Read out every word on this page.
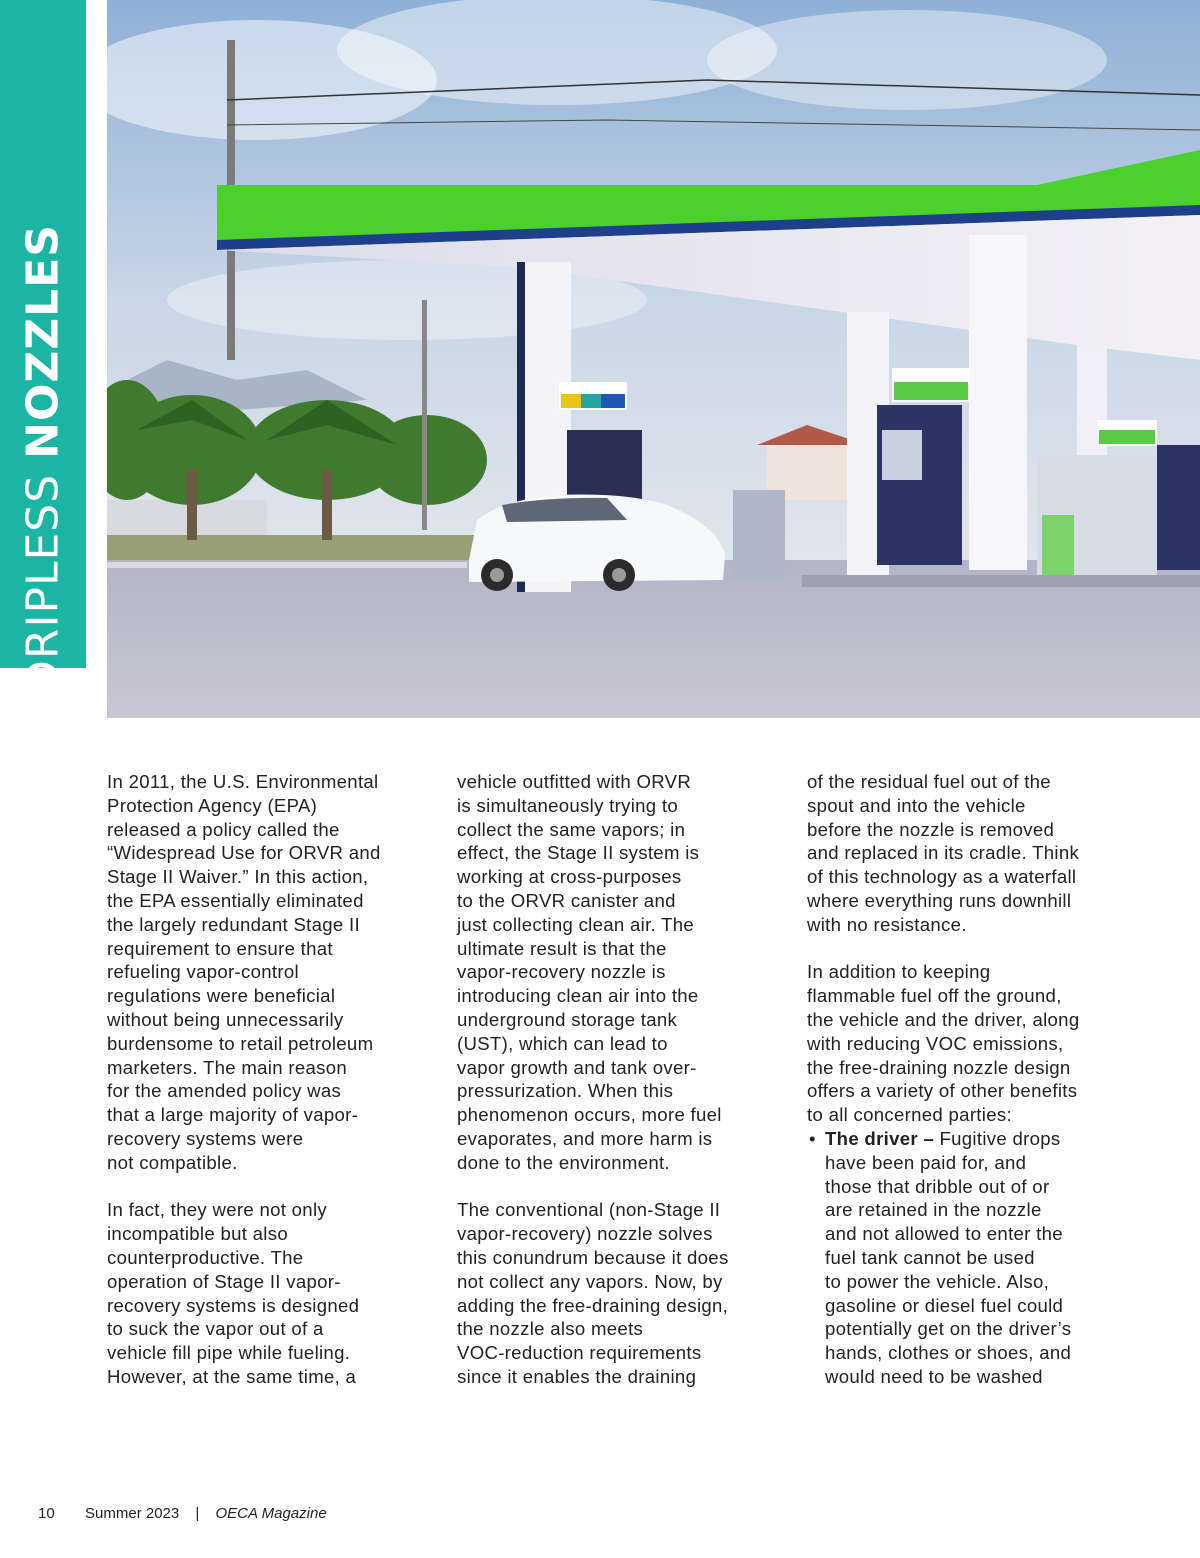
DRIPLESS NOZZLES

In 2011, the U.S. Environmental
Protection Agency (EPA)
released a policy called the
“Widespread Use for ORVR and
Stage II Waiver.” In this action,
the EPA essentially eliminated
the largely redundant Stage II
requirement to ensure that
refueling vapor-control
regulations were beneficial
without being unnecessarily
burdensome to retail petroleum
marketers. The main reason
for the amended policy was
that a large majority of vapor-
recovery systems were
not compatible.

In fact, they were not only
incompatible but also
counterproductive. The
operation of Stage II vapor-
recovery systems is designed
to suck the vapor out of a
vehicle fill pipe while fueling.
However, at the same time, a

vehicle outfitted with ORVR
is simultaneously trying to
collect the same vapors; in
effect, the Stage II system is
working at cross-purposes
to the ORVR canister and
just collecting clean air. The
ultimate result is that the
vapor-recovery nozzle is
introducing clean air into the
underground storage tank
(UST), which can lead to
vapor growth and tank over-
pressurization. When this
phenomenon occurs, more fuel
evaporates, and more harm is
done to the environment.

The conventional (non-Stage II
vapor-recovery) nozzle solves
this conundrum because it does
not collect any vapors. Now, by
adding the free-draining design,
the nozzle also meets
VOC-reduction requirements
since it enables the draining

of the residual fuel out of the
spout and into the vehicle
before the nozzle is removed
and replaced in its cradle. Think
of this technology as a waterfall
where everything runs downhill
with no resistance.

In addition to keeping
flammable fuel off the ground,
the vehicle and the driver, along
with reducing VOC emissions,
the free-draining nozzle design
offers a variety of other benefits
to all concerned parties:

• The driver – Fugitive drops
have been paid for, and
those that dribble out of or
are retained in the nozzle
and not allowed to enter the
fuel tank cannot be used
to power the vehicle. Also,
gasoline or diesel fuel could
potentially get on the driver’s
hands, clothes or shoes, and
would need to be washed
10 Summer 2023 | OECA Magazine
